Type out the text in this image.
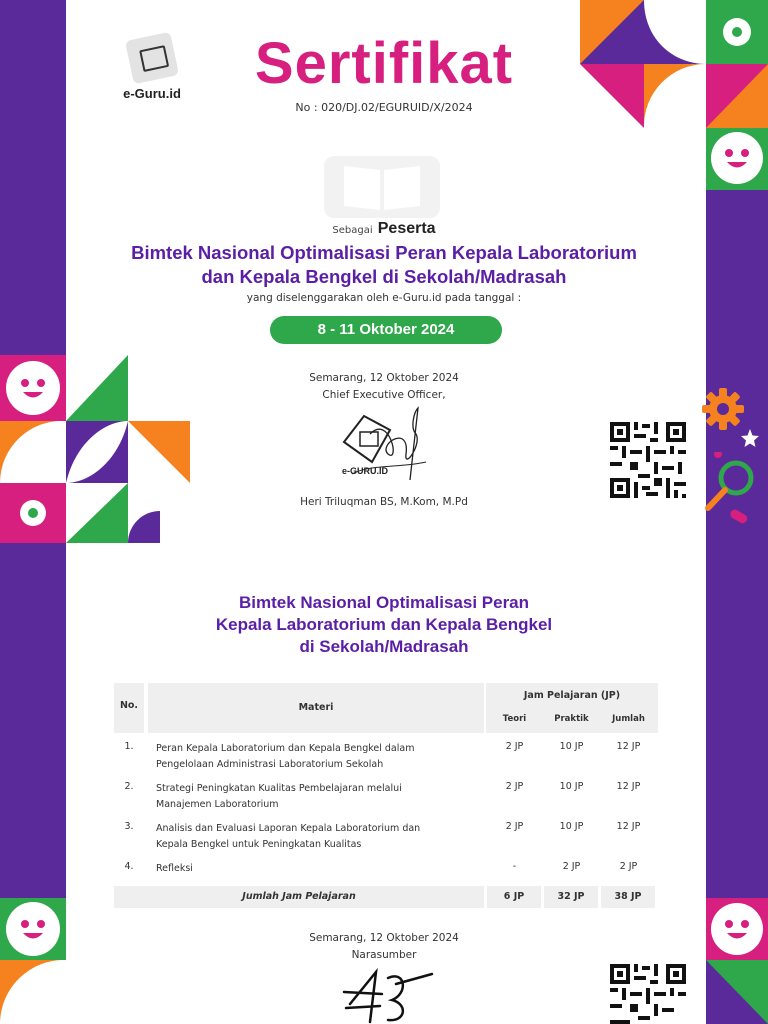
e-Guru.id	Sertifikat
No : 020/DJ.02/EGURUID/X/2024
Sebagai Peserta
Bimtek Nasional Optimalisasi Peran Kepala Laboratorium
dan Kepala Bengkel di Sekolah/Madrasah
yang diselenggarakan oleh e-Guru.id pada tanggal :
8 - 11 Oktober 2024
Semarang, 12 Oktober 2024
Chief Executive Officer,
e-GURU.ID
Heri Triluqman BS, M.Kom, M.Pd
Bimtek Nasional Optimalisasi Peran
Kepala Laboratorium dan Kepala Bengkel
di Sekolah/Madrasah
No.	Materi
Jam Pelajaran (JP)
Teori	Praktik	Jumlah
1.	Peran Kepala Laboratorium dan Kepala Bengkel dalam
Pengelolaan Administrasi Laboratorium Sekolah
2 JP	10 JP	12 JP
2.	Strategi Peningkatan Kualitas Pembelajaran melalui
Manajemen Laboratorium
2 JP	10 JP	12 JP
3.	Analisis dan Evaluasi Laporan Kepala Laboratorium dan
Kepala Bengkel untuk Peningkatan Kualitas
2 JP	10 JP	12 JP
4.	Refleksi	-	2 JP	2 JP
Jumlah Jam Pelajaran	6 JP	32 JP	38 JP
Semarang, 12 Oktober 2024
Narasumber
